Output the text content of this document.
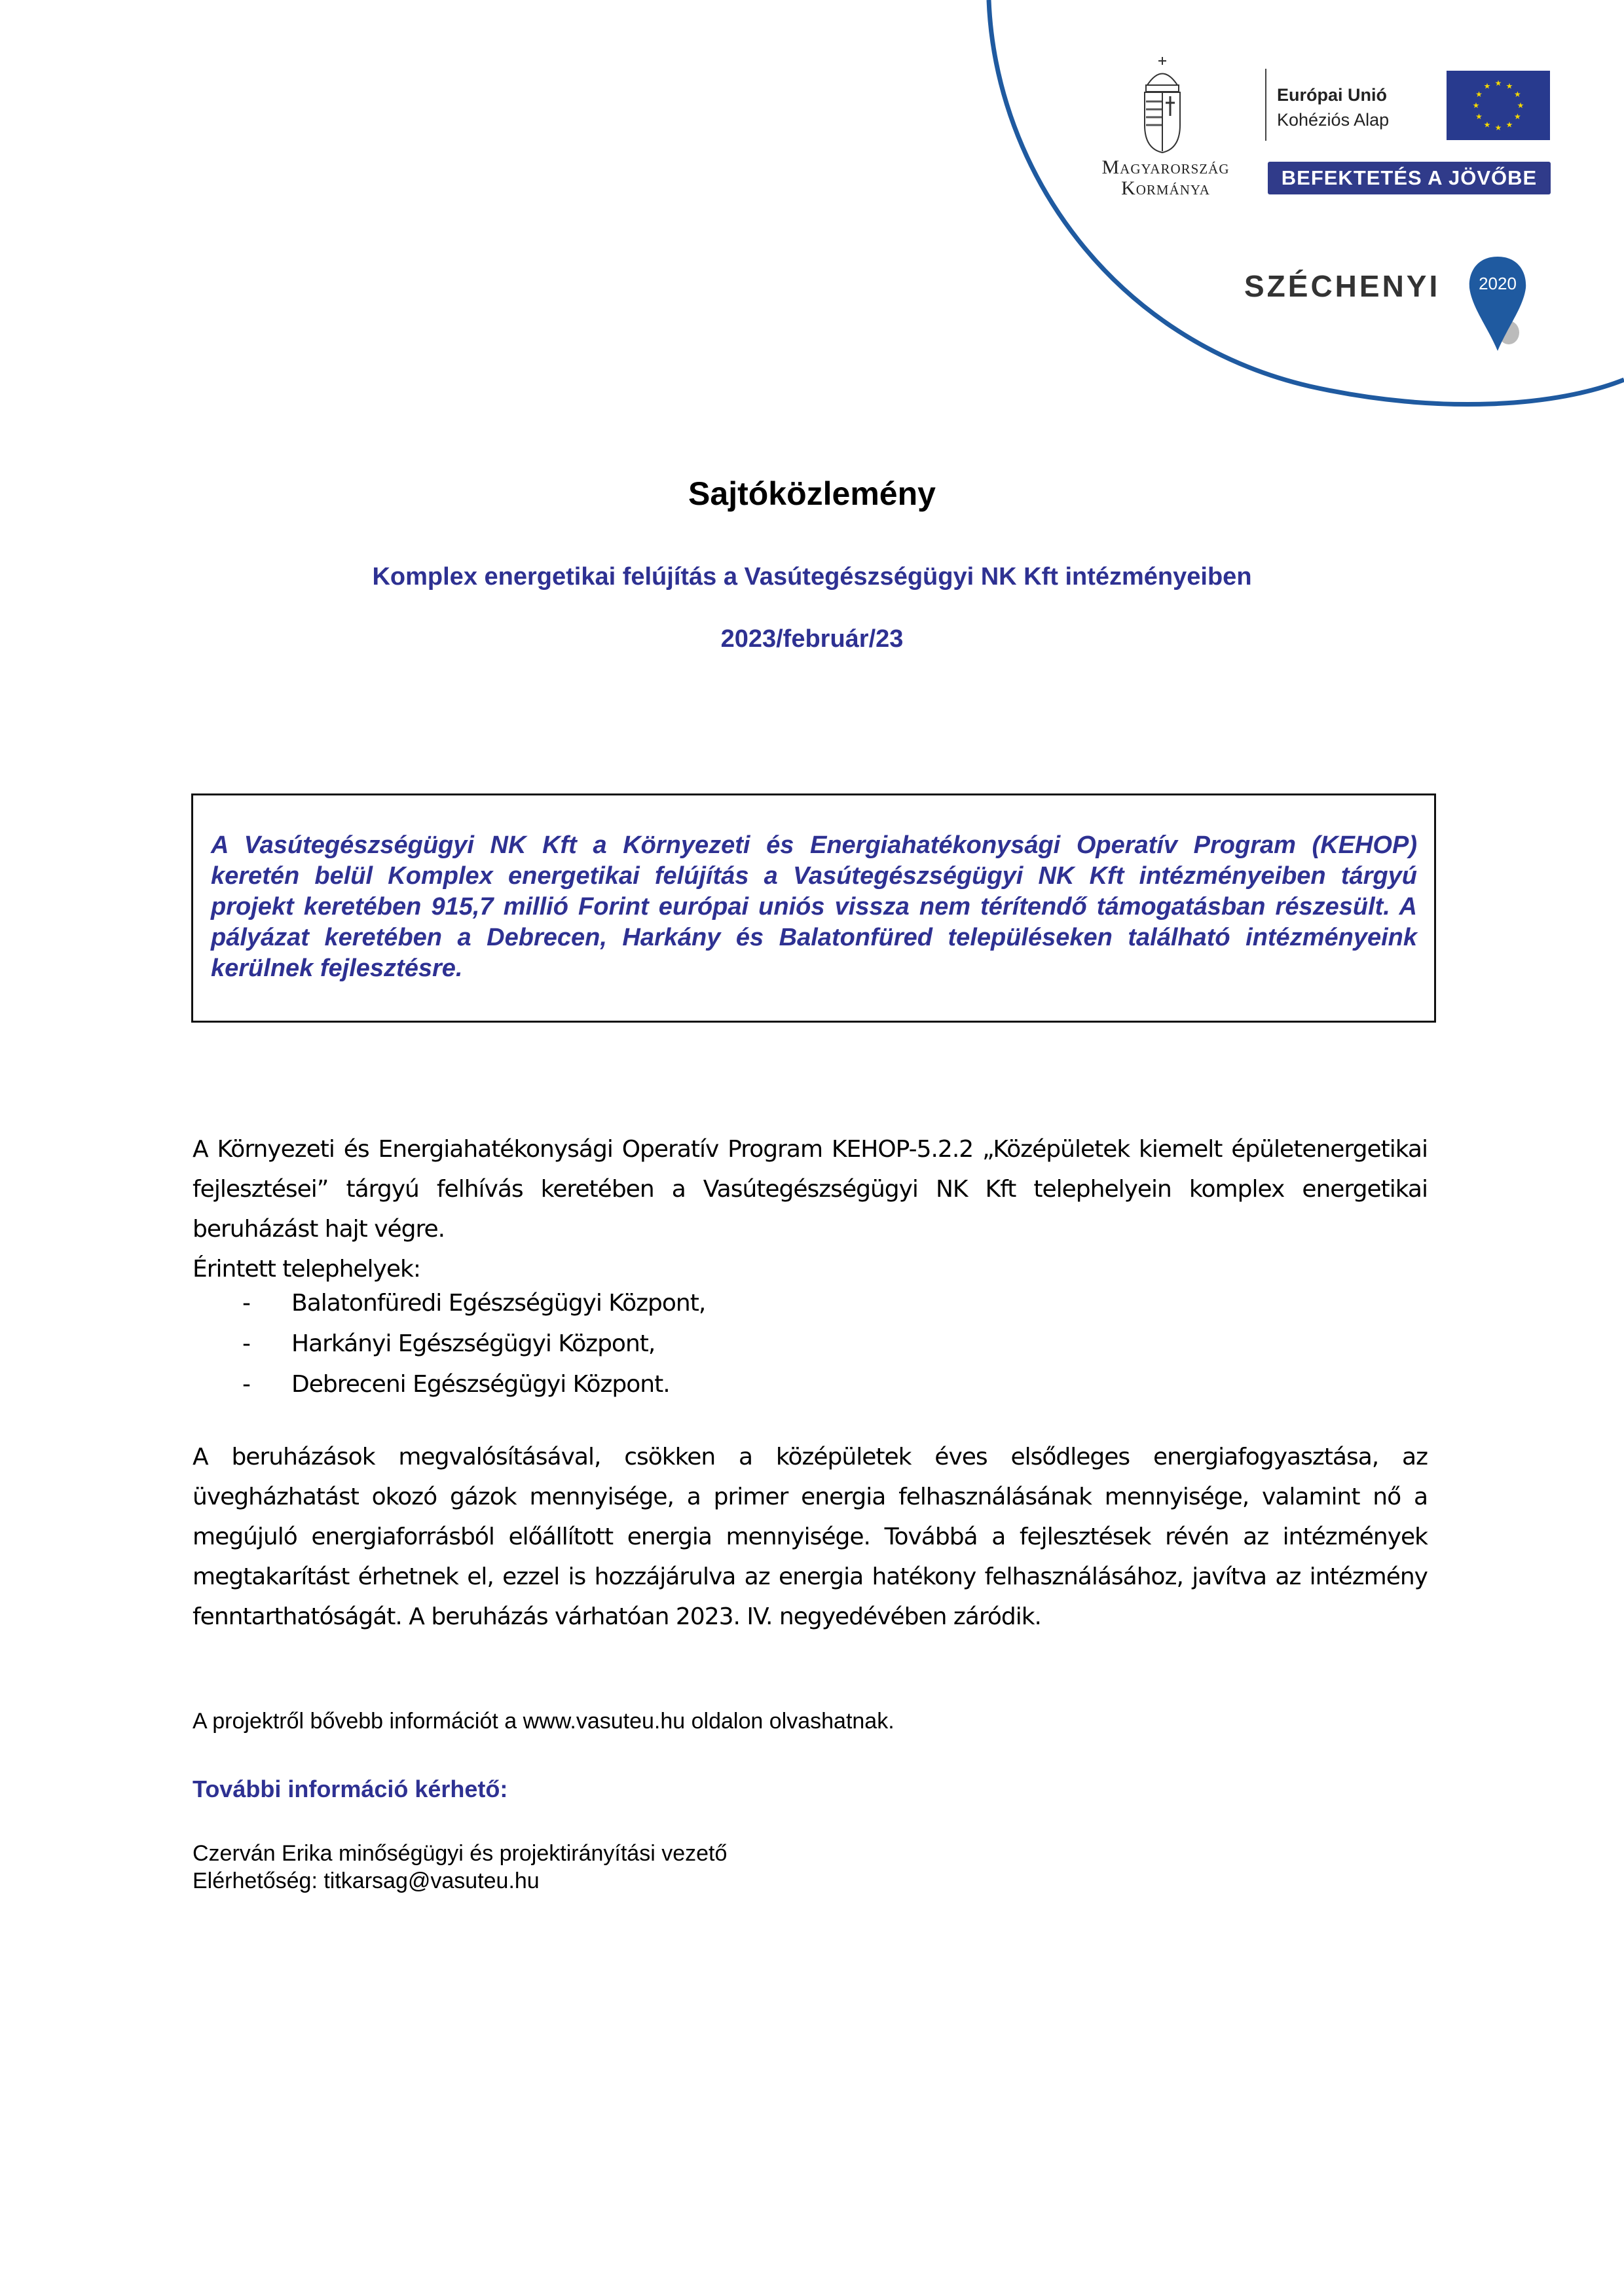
Magyarország
Kormánya
Európai Unió
Kohéziós Alap
★ ★
★
★
★
★
★
★
★
★
★
★
BEFEKTETÉS A JÖVŐBE
SZÉCHENYI 2020
Sajtóközlemény
Komplex energetikai felújítás a Vasútegészségügyi NK Kft intézményeiben
2023/február/23
A Vasútegészségügyi NK Kft a Környezeti és Energiahatékonysági Operatív Program (KEHOP) keretén belül Komplex energetikai felújítás a Vasútegészségügyi NK Kft intézményeiben tárgyú projekt keretében 915,7 millió Forint európai uniós vissza nem térítendő támogatásban részesült. A pályázat keretében a Debrecen, Harkány és Balatonfüred településeken található intézményeink kerülnek fejlesztésre.
A Környezeti és Energiahatékonysági Operatív Program KEHOP-5.2.2 „Középületek kiemelt épületenergetikai fejlesztései” tárgyú felhívás keretében a Vasútegészségügyi NK Kft telephelyein komplex energetikai beruházást hajt végre.
Érintett telephelyek:
-	Balatonfüredi Egészségügyi Központ,
-	Harkányi Egészségügyi Központ,
-	Debreceni Egészségügyi Központ.
A beruházások megvalósításával, csökken a középületek éves elsődleges energiafogyasztása, az üvegházhatást okozó gázok mennyisége, a primer energia felhasználásának mennyisége, valamint nő a megújuló energiaforrásból előállított energia mennyisége. Továbbá a fejlesztések révén az intézmények megtakarítást érhetnek el, ezzel is hozzájárulva az energia hatékony felhasználásához, javítva az intézmény fenntarthatóságát. A beruházás várhatóan 2023. IV. negyedévében záródik.
A projektről bővebb információt a www.vasuteu.hu oldalon olvashatnak.
További információ kérhető:
Czerván Erika minőségügyi és projektirányítási vezető
Elérhetőség: titkarsag@vasuteu.hu
